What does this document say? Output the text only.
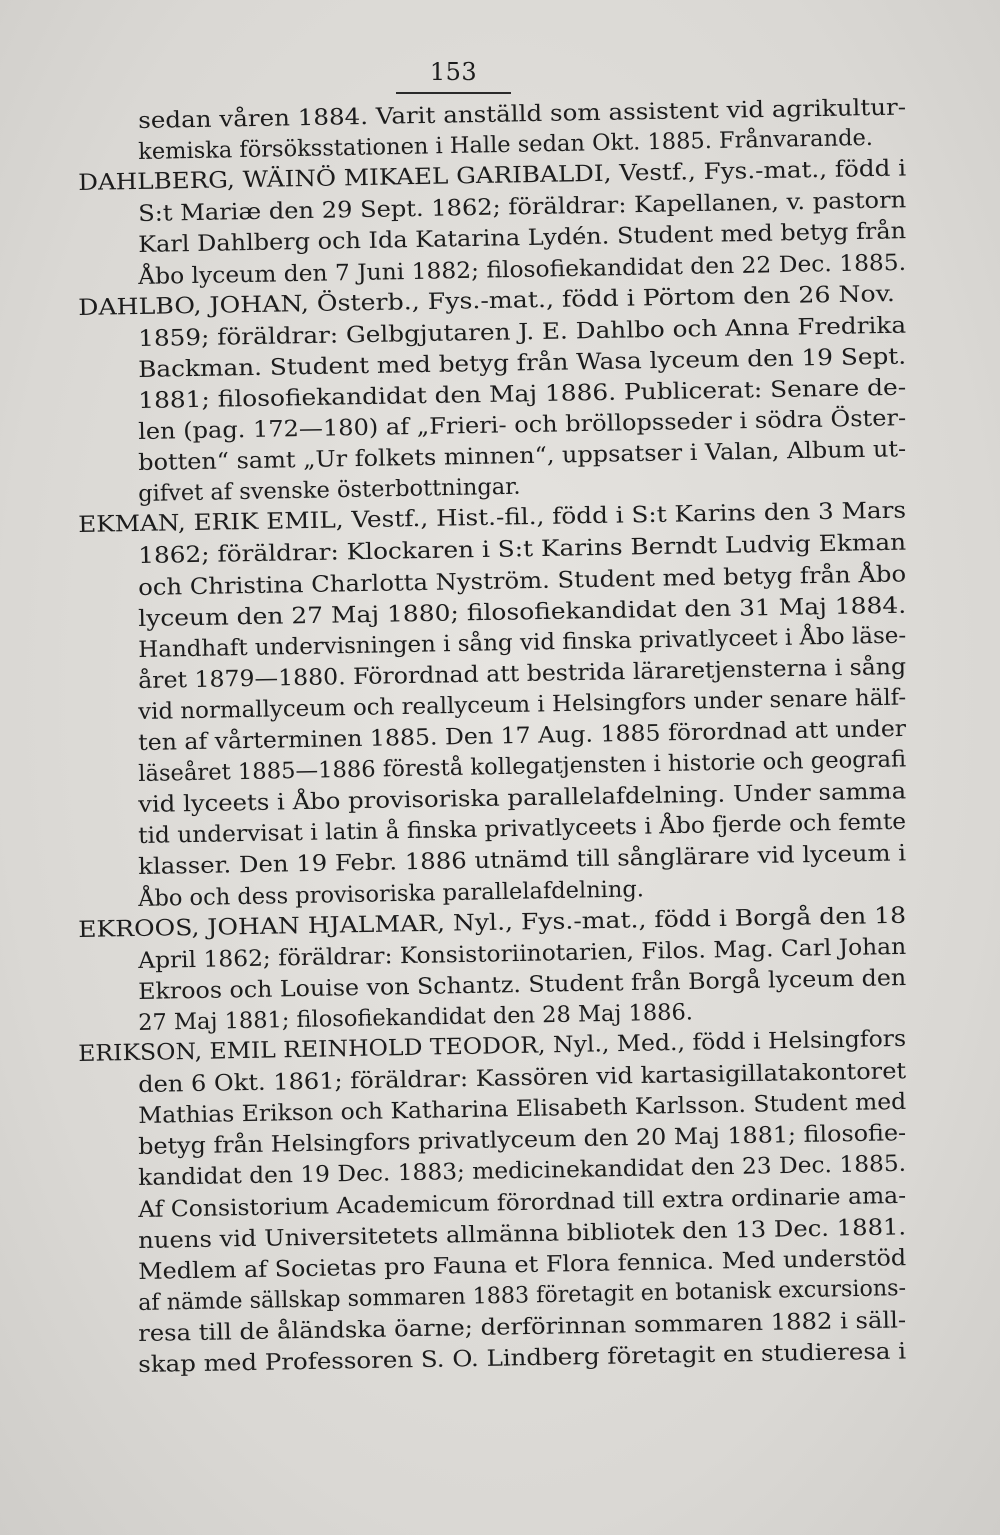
153
sedan våren 1884. Varit anställd som assistent vid agrikultur-
kemiska försöksstationen i Halle sedan Okt. 1885. Frånvarande.
DAHLBERG, WÄINÖ MIKAEL GARIBALDI, Vestf., Fys.-mat., född i
S:t Mariæ den 29 Sept. 1862; föräldrar: Kapellanen, v. pastorn
Karl Dahlberg och Ida Katarina Lydén. Student med betyg från
Åbo lyceum den 7 Juni 1882; filosofiekandidat den 22 Dec. 1885.
DAHLBO, JOHAN, Österb., Fys.-mat., född i Pörtom den 26 Nov.
1859; föräldrar: Gelbgjutaren J. E. Dahlbo och Anna Fredrika
Backman. Student med betyg från Wasa lyceum den 19 Sept.
1881; filosofiekandidat den Maj 1886. Publicerat: Senare de-
len (pag. 172—180) af „Frieri- och bröllopsseder i södra Öster-
botten“ samt „Ur folkets minnen“, uppsatser i Valan, Album ut-
gifvet af svenske österbottningar.
EKMAN, ERIK EMIL, Vestf., Hist.-fil., född i S:t Karins den 3 Mars
1862; föräldrar: Klockaren i S:t Karins Berndt Ludvig Ekman
och Christina Charlotta Nyström. Student med betyg från Åbo
lyceum den 27 Maj 1880; filosofiekandidat den 31 Maj 1884.
Handhaft undervisningen i sång vid finska privatlyceet i Åbo läse-
året 1879—1880. Förordnad att bestrida läraretjensterna i sång
vid normallyceum och reallyceum i Helsingfors under senare hälf-
ten af vårterminen 1885. Den 17 Aug. 1885 förordnad att under
läseåret 1885—1886 förestå kollegatjensten i historie och geografi
vid lyceets i Åbo provisoriska parallelafdelning. Under samma
tid undervisat i latin å finska privatlyceets i Åbo fjerde och femte
klasser. Den 19 Febr. 1886 utnämd till sånglärare vid lyceum i
Åbo och dess provisoriska parallelafdelning.
EKROOS, JOHAN HJALMAR, Nyl., Fys.-mat., född i Borgå den 18
April 1862; föräldrar: Konsistoriinotarien, Filos. Mag. Carl Johan
Ekroos och Louise von Schantz. Student från Borgå lyceum den
27 Maj 1881; filosofiekandidat den 28 Maj 1886.
ERIKSON, EMIL REINHOLD TEODOR, Nyl., Med., född i Helsingfors
den 6 Okt. 1861; föräldrar: Kassören vid kartasigillatakontoret
Mathias Erikson och Katharina Elisabeth Karlsson. Student med
betyg från Helsingfors privatlyceum den 20 Maj 1881; filosofie-
kandidat den 19 Dec. 1883; medicinekandidat den 23 Dec. 1885.
Af Consistorium Academicum förordnad till extra ordinarie ama-
nuens vid Universitetets allmänna bibliotek den 13 Dec. 1881.
Medlem af Societas pro Fauna et Flora fennica. Med understöd
af nämde sällskap sommaren 1883 företagit en botanisk excursions-
resa till de åländska öarne; derförinnan sommaren 1882 i säll-
skap med Professoren S. O. Lindberg företagit en studieresa i
